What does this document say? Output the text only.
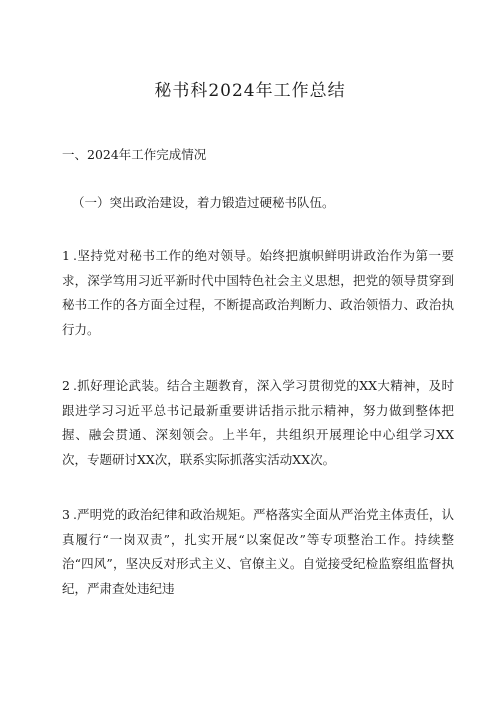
秘书科2024年工作总结
一、2024年工作完成情况
（一）突出政治建设，着力锻造过硬秘书队伍。
1 .坚持党对秘书工作的绝对领导。始终把旗帜鲜明讲政治作为第一要求，深学笃用习近平新时代中国特色社会主义思想，把党的领导贯穿到秘书工作的各方面全过程，不断提高政治判断力、政治领悟力、政治执行力。
2 .抓好理论武装。结合主题教育，深入学习贯彻党的XX大精神，及时跟进学习习近平总书记最新重要讲话指示批示精神，努力做到整体把握、融会贯通、深刻领会。上半年，共组织开展理论中心组学习XX次，专题研讨XX次，联系实际抓落实活动XX次。
3 .严明党的政治纪律和政治规矩。严格落实全面从严治党主体责任，认真履行“一岗双责”，扎实开展“以案促改”等专项整治工作。持续整治“四风”，坚决反对形式主义、官僚主义。自觉接受纪检监察组监督执纪，严肃查处违纪违
